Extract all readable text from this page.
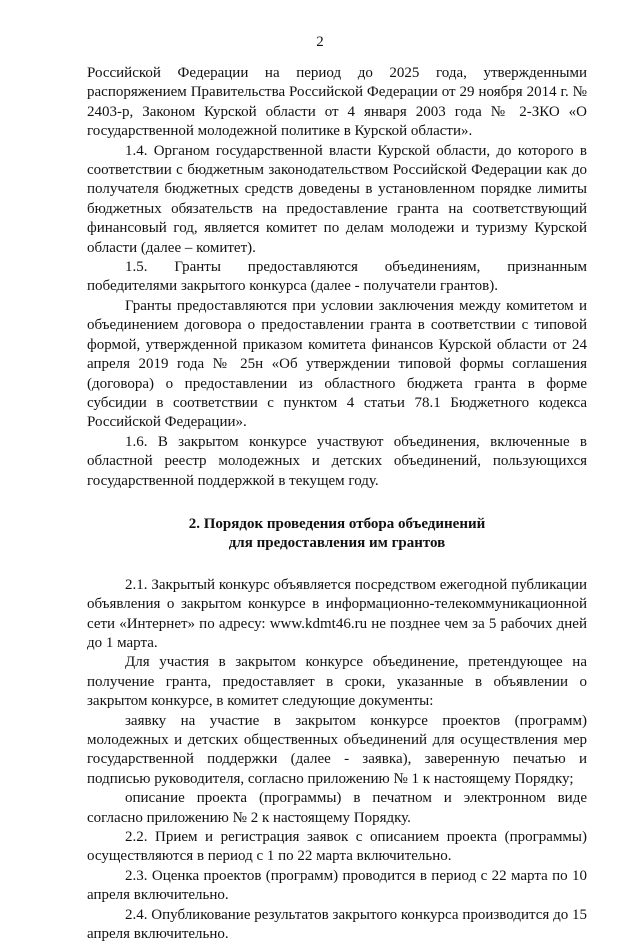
2

Российской Федерации на период до 2025 года, утвержденными распоряжением Правительства Российской Федерации от 29 ноября 2014 г. № 2403-р, Законом Курской области от 4 января 2003 года № 2-ЗКО «О государственной молодежной политике в Курской области».

1.4. Органом государственной власти Курской области, до которого в соответствии с бюджетным законодательством Российской Федерации как до получателя бюджетных средств доведены в установленном порядке лимиты бюджетных обязательств на предоставление гранта на соответствующий финансовый год, является комитет по делам молодежи и туризму Курской области (далее – комитет).

1.5. Гранты предоставляются объединениям, признанным победителями закрытого конкурса (далее - получатели грантов).

Гранты предоставляются при условии заключения между комитетом и объединением договора о предоставлении гранта в соответствии с типовой формой, утвержденной приказом комитета финансов Курской области от 24 апреля 2019 года № 25н «Об утверждении типовой формы соглашения (договора) о предоставлении из областного бюджета гранта в форме субсидии в соответствии с пунктом 4 статьи 78.1 Бюджетного кодекса Российской Федерации».

1.6. В закрытом конкурсе участвуют объединения, включенные в областной реестр молодежных и детских объединений, пользующихся государственной поддержкой в текущем году.

2. Порядок проведения отбора объединений
для предоставления им грантов

2.1. Закрытый конкурс объявляется посредством ежегодной публикации объявления о закрытом конкурсе в информационно-телекоммуникационной сети «Интернет» по адресу: www.kdmt46.ru не позднее чем за 5 рабочих дней до 1 марта.

Для участия в закрытом конкурсе объединение, претендующее на получение гранта, предоставляет в сроки, указанные в объявлении о закрытом конкурсе, в комитет следующие документы:

заявку на участие в закрытом конкурсе проектов (программ) молодежных и детских общественных объединений для осуществления мер государственной поддержки (далее - заявка), заверенную печатью и подписью руководителя, согласно приложению № 1 к настоящему Порядку;

описание проекта (программы) в печатном и электронном виде согласно приложению № 2 к настоящему Порядку.

2.2. Прием и регистрация заявок с описанием проекта (программы) осуществляются в период с 1 по 22 марта включительно.

2.3. Оценка проектов (программ) проводится в период с 22 марта по 10 апреля включительно.

2.4. Опубликование результатов закрытого конкурса производится до 15 апреля включительно.
